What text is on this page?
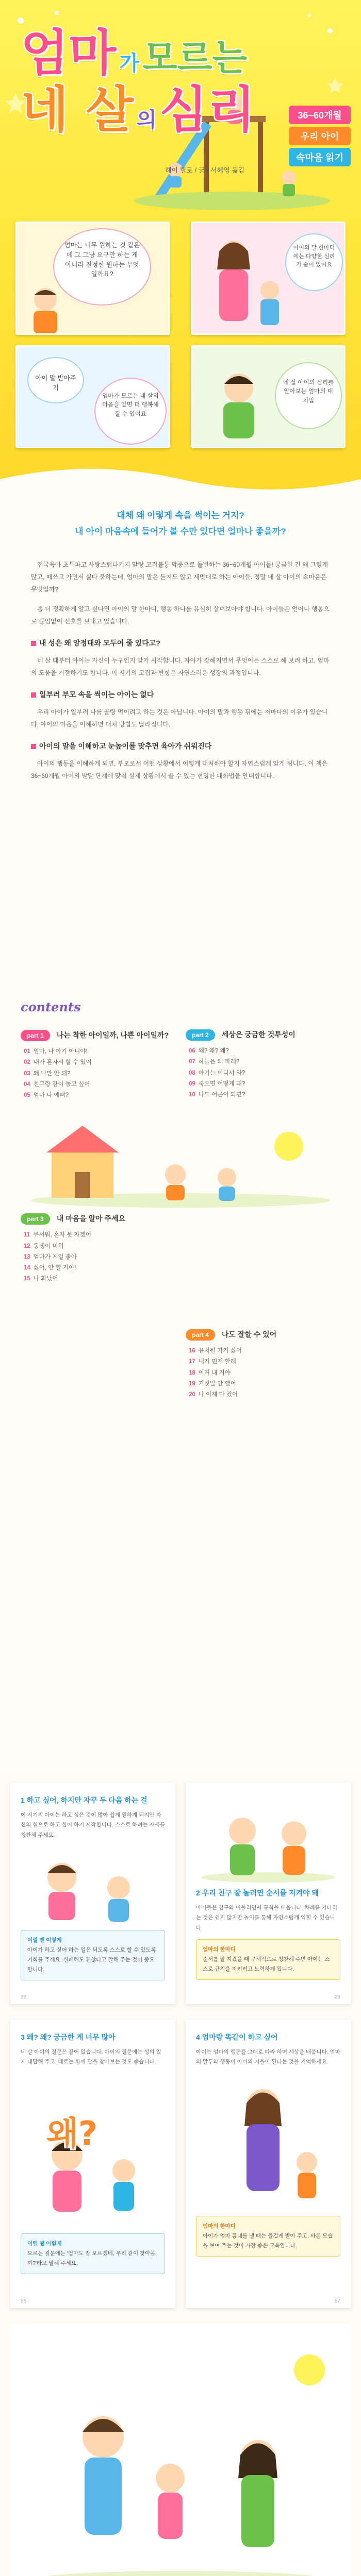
엄마 가 모르는
네 살 의 심리	36~60개월
우리 아이
속마음 읽기
헤이 릴로 / 글 | 서혜영 옮김
엄마는 너무 원하는 것 같은데 그 그냥 요구만 하는 게 아니라 진정한 원하는 무엇일까요?
아이의 말 한마디에는 다양한 심리가 숨어 있어요
아이 말 받아주기
엄마가 모르는 네 살의 마음을 알면 더 행복해질 수 있어요
네 살 아이의 심리를 알아보는 엄마의 대처법
대체 왜 이렇게 속을 썩이는 거지?
내 아이 마음속에 들어가 볼 수만 있다면 얼마나 좋을까?

전국육아 초특파고 사랑스럽다거지 말랑 고집불통 막중으로 돌변하는 36~60개월 아이들! 궁금한 건 왜 그렇게 많고, 떼쓰고 가면서 싫다 붙하는데, 엄마의 말은 듣지도 않고 제멋대로 하는 아이들. 정말 네 살 아이의 속마음은 무엇일까?

좀 더 정확하게 알고 싶다면 아이의 말 한마디, 행동 하나를 유심히 살펴보아야 합니다. 아이들은 언어나 행동으로 끊임없이 신호를 보내고 있습니다.

내 성은 왜 앙정대와 모두어 줄 있다고?

네 살 때부터 아이는 자신이 누구인지 알기 시작합니다. 자아가 강해지면서 무엇이든 스스로 해 보려 하고, 엄마의 도움을 거절하기도 합니다. 이 시기의 고집과 반항은 자연스러운 성장의 과정입니다.

일부러 부모 속을 썩이는 아이는 없다

우리 아이가 일부러 나를 골탕 먹이려고 하는 것은 아닙니다. 아이의 말과 행동 뒤에는 저마다의 이유가 있습니다. 아이의 마음을 이해하면 대처 방법도 달라집니다.

아이의 말을 이해하고 눈높이를 맞추면 육아가 쉬워진다

아이의 행동을 이해하게 되면, 부모로서 어떤 상황에서 어떻게 대처해야 할지 자연스럽게 알게 됩니다. 이 책은 36~60개월 아이의 발달 단계에 맞춰 실제 상황에서 쓸 수 있는 현명한 대화법을 안내합니다.

contents
part 1 나는 착한 아이일까, 나쁜 아이일까?
01 엄마, 나 아기 아니야!
02 내가 혼자서 할 수 있어
03 왜 나만 안 돼?
04 친구랑 같이 놀고 싶어
05 엄마 나 예뻐?
part 2 세상은 궁금한 것투성이
06 왜? 왜? 왜?
07 하늘은 왜 파래?
08 아기는 어디서 와?
09 죽으면 어떻게 돼?
10 나도 어른이 되면?
part 3 내 마음을 알아 주세요
11 무서워, 혼자 못 자겠어
12 동생이 미워
13 엄마가 제일 좋아
14 싫어, 안 할 거야!
15 나 화났어
part 4 나도 잘할 수 있어
16 유치원 가기 싫어
17 내가 먼저 할래
18 이거 내 거야
19 거짓말 안 했어
20 나 이제 다 컸어
1 하고 싶어, 하지만 자꾸 두 다음 하는 걸
이 시기의 아이는 하고 싶은 것이 많아 쉽게 원하게 되지만 자신의 힘으로 하고 싶어 하기 시작합니다. 스스로 하려는 자세를 칭찬해 주세요.
이럴 땐 이렇게
아이가 하고 싶어 하는 일은 되도록 스스로 할 수 있도록 기회를 주세요. 실패해도 괜찮다고 말해 주는 것이 중요합니다.
22
2 우리 친구 잘 놀려면 순서를 지켜야 돼
아이들은 친구와 어울리면서 규칙을 배웁니다. 차례를 기다리는 것은 쉽지 않지만 놀이를 통해 자연스럽게 익힐 수 있습니다.
엄마의 한마디
순서를 잘 지켰을 때 구체적으로 칭찬해 주면 아이는 스스로 규칙을 지키려고 노력하게 됩니다.
23
3 왜? 왜? 궁금한 게 너무 많아
네 살 아이의 질문은 끝이 없습니다. 아이의 질문에는 성의 있게 대답해 주고, 때로는 함께 답을 찾아보는 것도 좋습니다.
왜?
이럴 땐 이렇게
모르는 질문에는 '엄마도 잘 모르겠네, 우리 같이 찾아볼까?'라고 말해 주세요.
56
4 엄마랑 똑같이 하고 싶어
아이는 엄마의 행동을 그대로 따라 하며 세상을 배웁니다. 엄마의 말투와 행동이 아이의 거울이 된다는 것을 기억하세요.
엄마의 한마디
아이가 엄마 흉내를 낼 때는 즐겁게 받아 주고, 바른 모습을 보여 주는 것이 가장 좋은 교육입니다.
57
